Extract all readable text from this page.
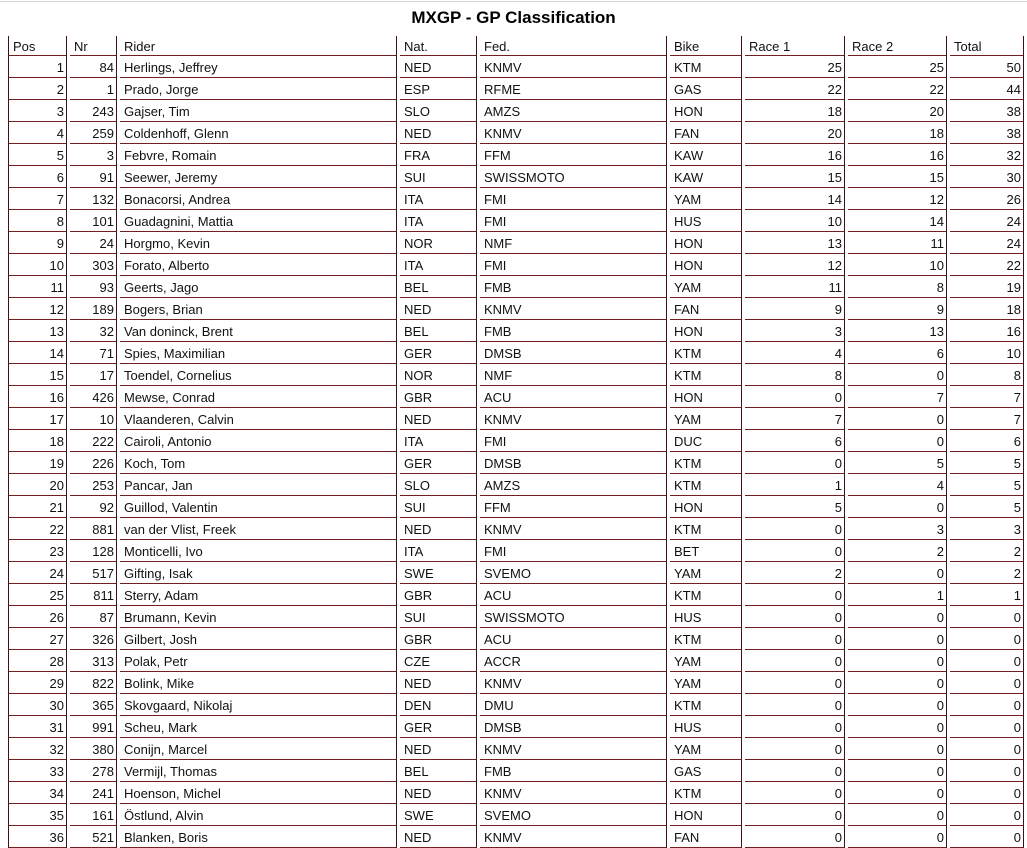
MXGP - GP Classification
Pos	Nr	Rider	Nat.	Fed.	Bike	Race 1	Race 2	Total
1	84 Herlings, Jeffrey	NED	KNMV	KTM	25	25	50
2	1 Prado, Jorge	ESP	RFME	GAS	22	22	44
3	243 Gajser, Tim	SLO	AMZS	HON	18	20	38
4	259 Coldenhoff, Glenn	NED	KNMV	FAN	20	18	38
5	3 Febvre, Romain	FRA	FFM	KAW	16	16	32
6	91 Seewer, Jeremy	SUI	SWISSMOTO	KAW	15	15	30
7	132 Bonacorsi, Andrea	ITA	FMI	YAM	14	12	26
8	101 Guadagnini, Mattia	ITA	FMI	HUS	10	14	24
9	24 Horgmo, Kevin	NOR	NMF	HON	13	11	24
10	303 Forato, Alberto	ITA	FMI	HON	12	10	22
11	93 Geerts, Jago	BEL	FMB	YAM	11	8	19
12	189 Bogers, Brian	NED	KNMV	FAN	9	9	18
13	32 Van doninck, Brent	BEL	FMB	HON	3	13	16
14	71 Spies, Maximilian	GER	DMSB	KTM	4	6	10
15	17 Toendel, Cornelius	NOR	NMF	KTM	8	0	8
16	426 Mewse, Conrad	GBR	ACU	HON	0	7	7
17	10 Vlaanderen, Calvin	NED	KNMV	YAM	7	0	7
18	222 Cairoli, Antonio	ITA	FMI	DUC	6	0	6
19	226 Koch, Tom	GER	DMSB	KTM	0	5	5
20	253 Pancar, Jan	SLO	AMZS	KTM	1	4	5
21	92 Guillod, Valentin	SUI	FFM	HON	5	0	5
22	881 van der Vlist, Freek	NED	KNMV	KTM	0	3	3
23	128 Monticelli, Ivo	ITA	FMI	BET	0	2	2
24	517 Gifting, Isak	SWE	SVEMO	YAM	2	0	2
25	811 Sterry, Adam	GBR	ACU	KTM	0	1	1
26	87 Brumann, Kevin	SUI	SWISSMOTO	HUS	0	0	0
27	326 Gilbert, Josh	GBR	ACU	KTM	0	0	0
28	313 Polak, Petr	CZE	ACCR	YAM	0	0	0
29	822 Bolink, Mike	NED	KNMV	YAM	0	0	0
30	365 Skovgaard, Nikolaj	DEN	DMU	KTM	0	0	0
31	991 Scheu, Mark	GER	DMSB	HUS	0	0	0
32	380 Conijn, Marcel	NED	KNMV	YAM	0	0	0
33	278 Vermijl, Thomas	BEL	FMB	GAS	0	0	0
34	241 Hoenson, Michel	NED	KNMV	KTM	0	0	0
35	161 Östlund, Alvin	SWE	SVEMO	HON	0	0	0
36	521 Blanken, Boris	NED	KNMV	FAN	0	0	0
